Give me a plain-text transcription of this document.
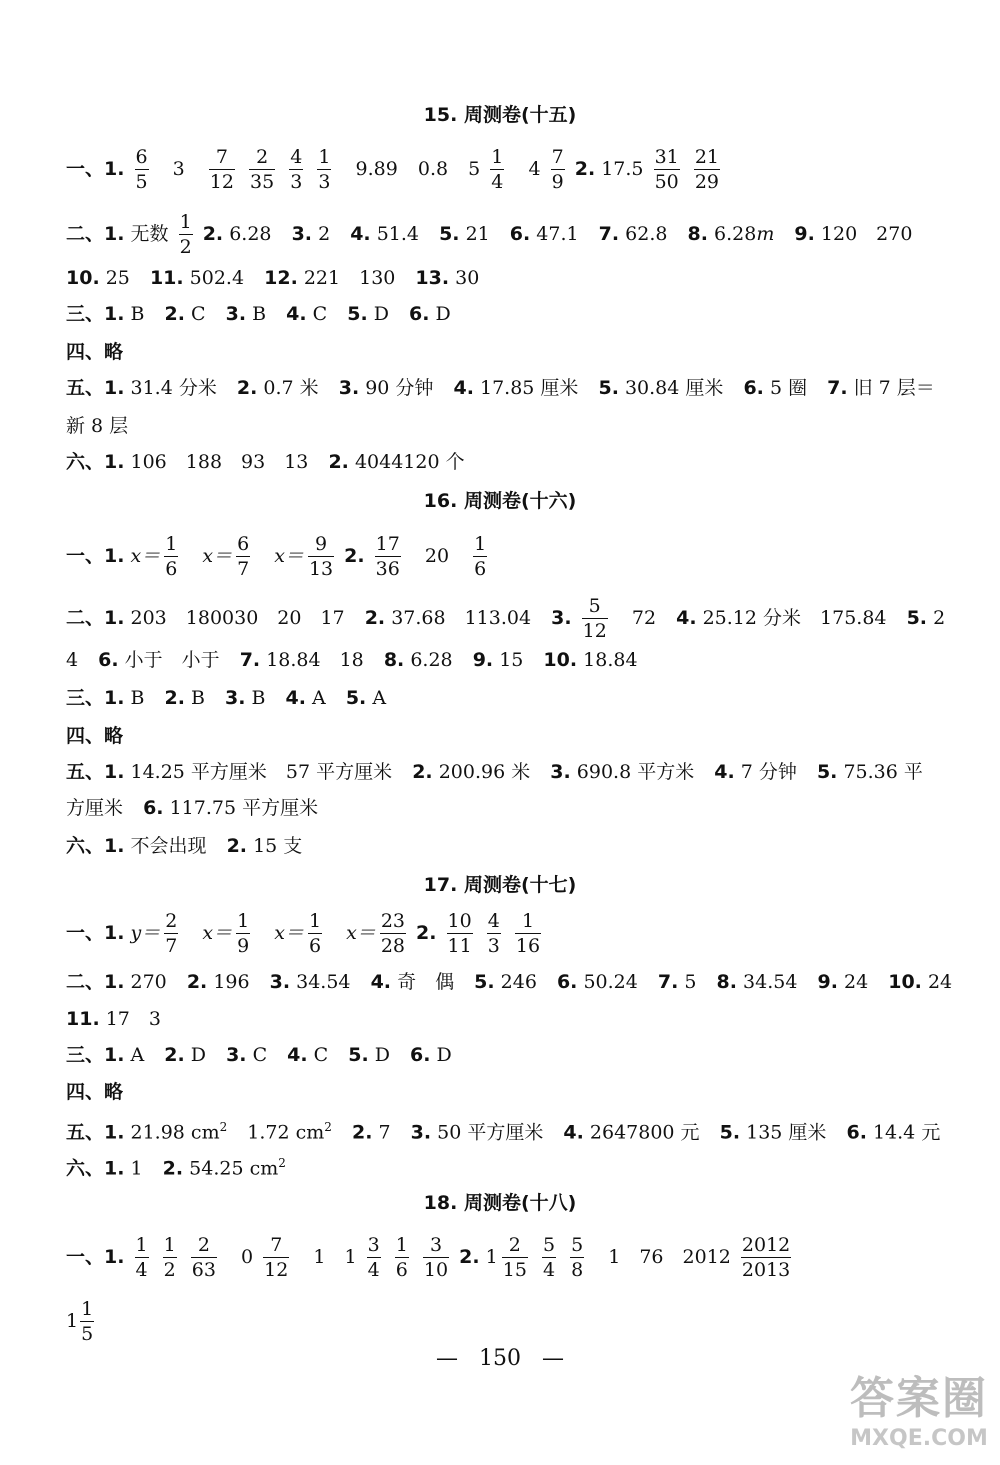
15. 周测卷(十五)
一、1. $\frac{6}{5} 3 \frac{7}{12}$
$\frac{2}{35}$
$\frac{4}{3}$
$\frac{1}{3} 9.89$ 0.8 $5 \frac{1}{4} 4 \frac{7}{9} 2$. $17.5 \frac{31}{50}$
$\frac{21}{29}$
二、1. 无数 $\frac{1}{2} 2$. 6.28 3. 2 4. 51.4 5. 21 6. 47.1 7. 62.8 8. 6.28m 9. 120　270
10. 25 11. 502.4 12. 221　130 13. 30
三、1. B 2. C 3. B 4. C 5. D 6. D
四、略
五、1. 31.4 分米 2. 0.7 米 3. 90 分钟 4. 17.85 厘米 5. 30.84 厘米 6. 5 圈 7. 旧 7 层＝
新 8 层
六、1. 106　188　93　13 2. 4044120 个
16. 周测卷(十六)
一、1. $x= \frac{1}{6} x= \frac{6}{7} x= \frac{9}{13} 2$. $\frac{17}{36} 20 \frac{1}{6}$
二、1. 203　180030　20　17 2. 37.68　113.04 3. $\frac{5}{12} 72$ 4. 25.12 分米　175.84 5. 2
4 6. 小于　小于 7. 18.84　18 8. 6.28 9. 15 10. 18.84
三、1. B 2. B 3. B 4. A 5. A
四、略
五、1. 14.25 平方厘米　57 平方厘米 2. 200.96 米 3. 690.8 平方米 4. 7 分钟 5. 75.36 平
方厘米 6. 117.75 平方厘米
六、1. 不会出现 2. 15 支
17. 周测卷(十七)
一、1. $y= \frac{2}{7} x= \frac{1}{9} x= \frac{1}{6} x= \frac{23}{28} 2$. $\frac{10}{11}$
$\frac{4}{3}$
$\frac{1}{16}$
二、1. 270 2. 196 3. 34.54 4. 奇　偶 5. 246 6. 50.24 7. 5 8. 34.54 9. 24 10. 24
11. 17　3
三、1. A 2. D 3. C 4. C 5. D 6. D
四、略
五、1. 21.98 $cm^2$ 1.72 $cm^2$ 2. 7 3. 50 平方厘米 4. 2647800 元 5. 135 厘米 6. 14.4 元
六、1. 1 2. 54.25 $cm^2$
18. 周测卷(十八)
一、1. $\frac{1}{4}$
$\frac{1}{2}$
$\frac{2}{63} 0 \frac{7}{12} 1$　$1 \frac{3}{4}$
$\frac{1}{6}$
$\frac{3}{10} 2$. $1 \frac{2}{15}$
$\frac{5}{4}$
$\frac{5}{8} 1$　76　$2012 \frac{2012}{2013}$
$1 \frac{1}{5}$
— 150 —
答案圈
MXQE.COM
